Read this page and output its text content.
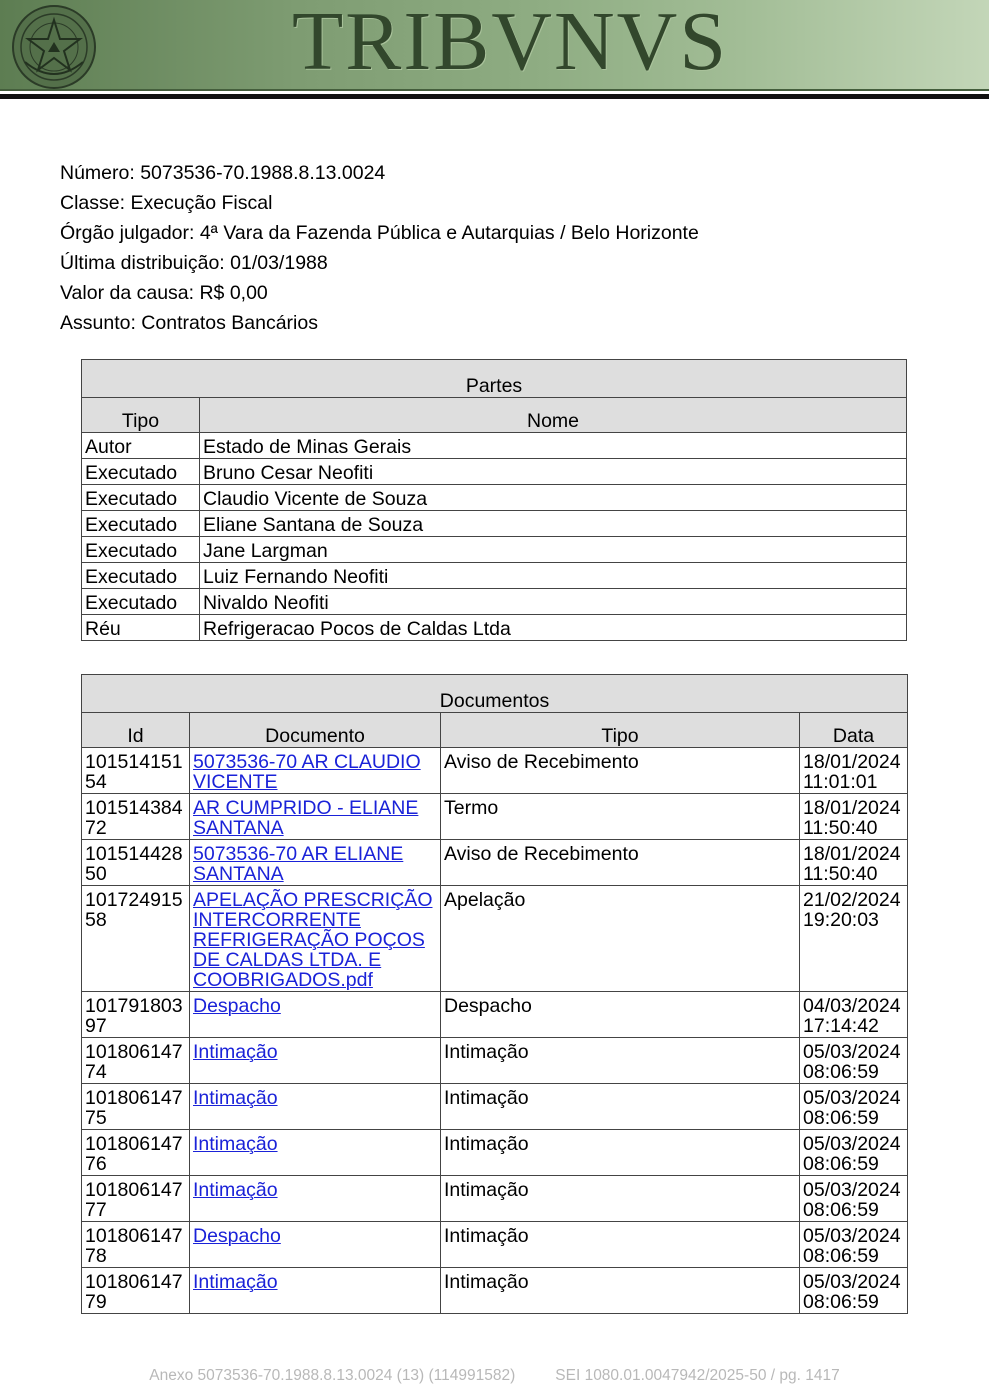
TRIBVNVS
Número: 5073536-70.1988.8.13.0024
Classe: Execução Fiscal
Órgão julgador: 4ª Vara da Fazenda Pública e Autarquias / Belo Horizonte
Última distribuição: 01/03/1988
Valor da causa: R$ 0,00
Assunto: Contratos Bancários
Partes	
Tipo	Nome
Autor	Estado de Minas Gerais
Executado	Bruno Cesar Neofiti
Executado	Claudio Vicente de Souza
Executado	Eliane Santana de Souza
Executado	Jane Largman
Executado	Luiz Fernando Neofiti
Executado	Nivaldo Neofiti
Réu	Refrigeracao Pocos de Caldas Ltda
Documentos			
Id	Documento	Tipo	Data
10151415154	5073536-70 AR CLAUDIO VICENTE	Aviso de Recebimento	18/01/2024
11:01:01

10151438472	AR CUMPRIDO - ELIANE SANTANA	Termo	18/01/2024
11:50:40

10151442850	5073536-70 AR ELIANE SANTANA	Aviso de Recebimento	18/01/2024
11:50:40

10172491558	APELAÇÃO PRESCRIÇÃO INTERCORRENTE REFRIGERAÇÃO POÇOS DE CALDAS LTDA. E COOBRIGADOS.pdf	Apelação	21/02/2024
19:20:03

10179180397	Despacho	Despacho	04/03/2024
17:14:42

10180614774	Intimação	Intimação	05/03/2024
08:06:59

10180614775	Intimação	Intimação	05/03/2024
08:06:59

10180614776	Intimação	Intimação	05/03/2024
08:06:59

10180614777	Intimação	Intimação	05/03/2024
08:06:59

10180614778	Despacho	Intimação	05/03/2024
08:06:59

10180614779	Intimação	Intimação	05/03/2024
08:06:59
Anexo 5073536-70.1988.8.13.0024 (13) (114991582)	SEI 1080.01.0047942/2025-50 / pg. 1417
